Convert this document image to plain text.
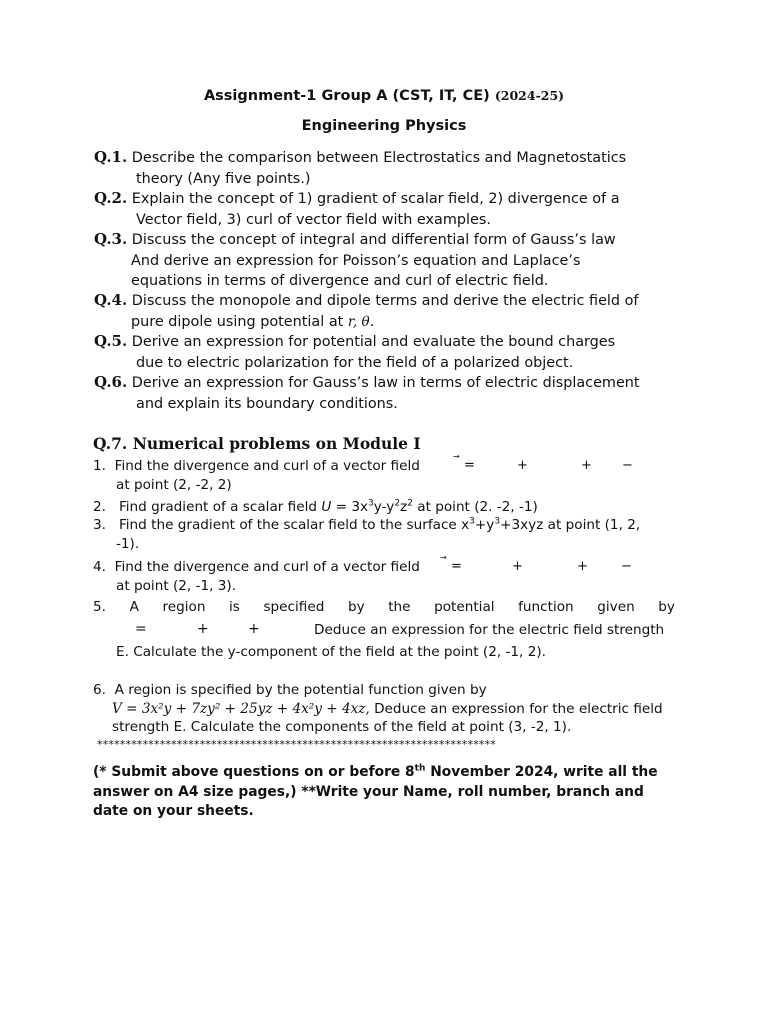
Assignment-1 Group A (CST, IT, CE) (2024-25)
Engineering Physics
Q.1. Describe the comparison between Electrostatics and Magnetostatics
theory (Any five points.)
Q.2. Explain the concept of 1) gradient of scalar field, 2) divergence of a
Vector field, 3) curl of vector field with examples.
Q.3. Discuss the concept of integral and differential form of Gauss’s law
And derive an expression for Poisson’s equation and Laplace’s
equations in terms of divergence and curl of electric field.
Q.4. Discuss the monopole and dipole terms and derive the electric field of
pure dipole using potential at r, θ.
Q.5. Derive an expression for potential and evaluate the bound charges
due to electric polarization for the field of a polarized object.
Q.6. Derive an expression for Gauss’s law in terms of electric displacement
and explain its boundary conditions.
Q.7. Numerical problems on Module I
1. Find the divergence and curl of a vector field
at point (2, -2, 2)
→
=	+	+ −
2. Find gradient of a scalar field $U = 3x^3y-y^2z^2$ at point (2. -2, -1)
3. Find the gradient of the scalar field to the surface $x^3+y^3+3xyz$ at point (1, 2,
-1).
4. Find the divergence and curl of a vector field
at point (2, -1, 3).
→
=	+	+	−
5. A region is specified by the potential function given by
=	+	+	Deduce an expression for the electric field strength
E. Calculate the y-component of the field at the point (2, -1, 2).
6. A region is specified by the potential function given by
V = 3x²y + 7zy² + 25yz + 4x²y + 4xz, Deduce an expression for the electric field
strength E. Calculate the components of the field at point (3, -2, 1).
**********************************************************************
(* Submit above questions on or before 8th November 2024, write all the
answer on A4 size pages,) **Write your Name, roll number, branch and
date on your sheets.
